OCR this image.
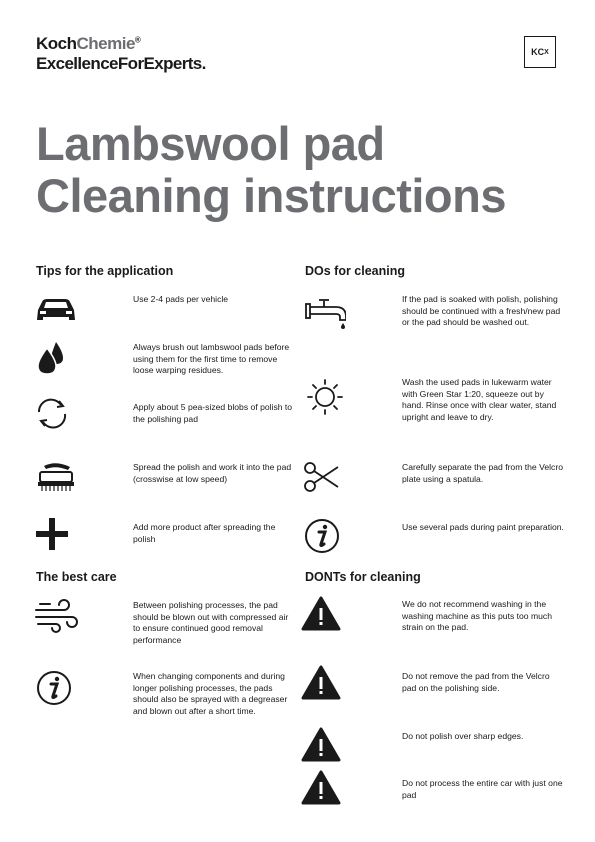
KochChemie®
ExcellenceForExperts.
KC X
Lambswool pad
Cleaning instructions
Tips for the application	DOs for cleaning
The best care	DONTs for cleaning
Use 2-4 pads per vehicle
Always brush out lambswool pads before using them for the first time to remove loose warping residues.
Apply about 5 pea-sized blobs of polish to the polishing pad
Spread the polish and work it into the pad (crosswise at low speed)
Add more product after spreading the polish
Between polishing processes, the pad should be blown out with compressed air to ensure continued good removal performance
When changing components and during longer polishing processes, the pads should also be sprayed with a degreaser and blown out after a short time.
If the pad is soaked with polish, polishing should be continued with a fresh/new pad or the pad should be washed out.
Wash the used pads in lukewarm water with Green Star 1:20, squeeze out by hand. Rinse once with clear water, stand upright and leave to dry.
Carefully separate the pad from the Velcro plate using a spatula.
Use several pads during paint preparation.
We do not recommend washing in the washing machine as this puts too much strain on the pad.
Do not remove the pad from the Velcro pad on the polishing side.
Do not polish over sharp edges.
Do not process the entire car with just one pad
